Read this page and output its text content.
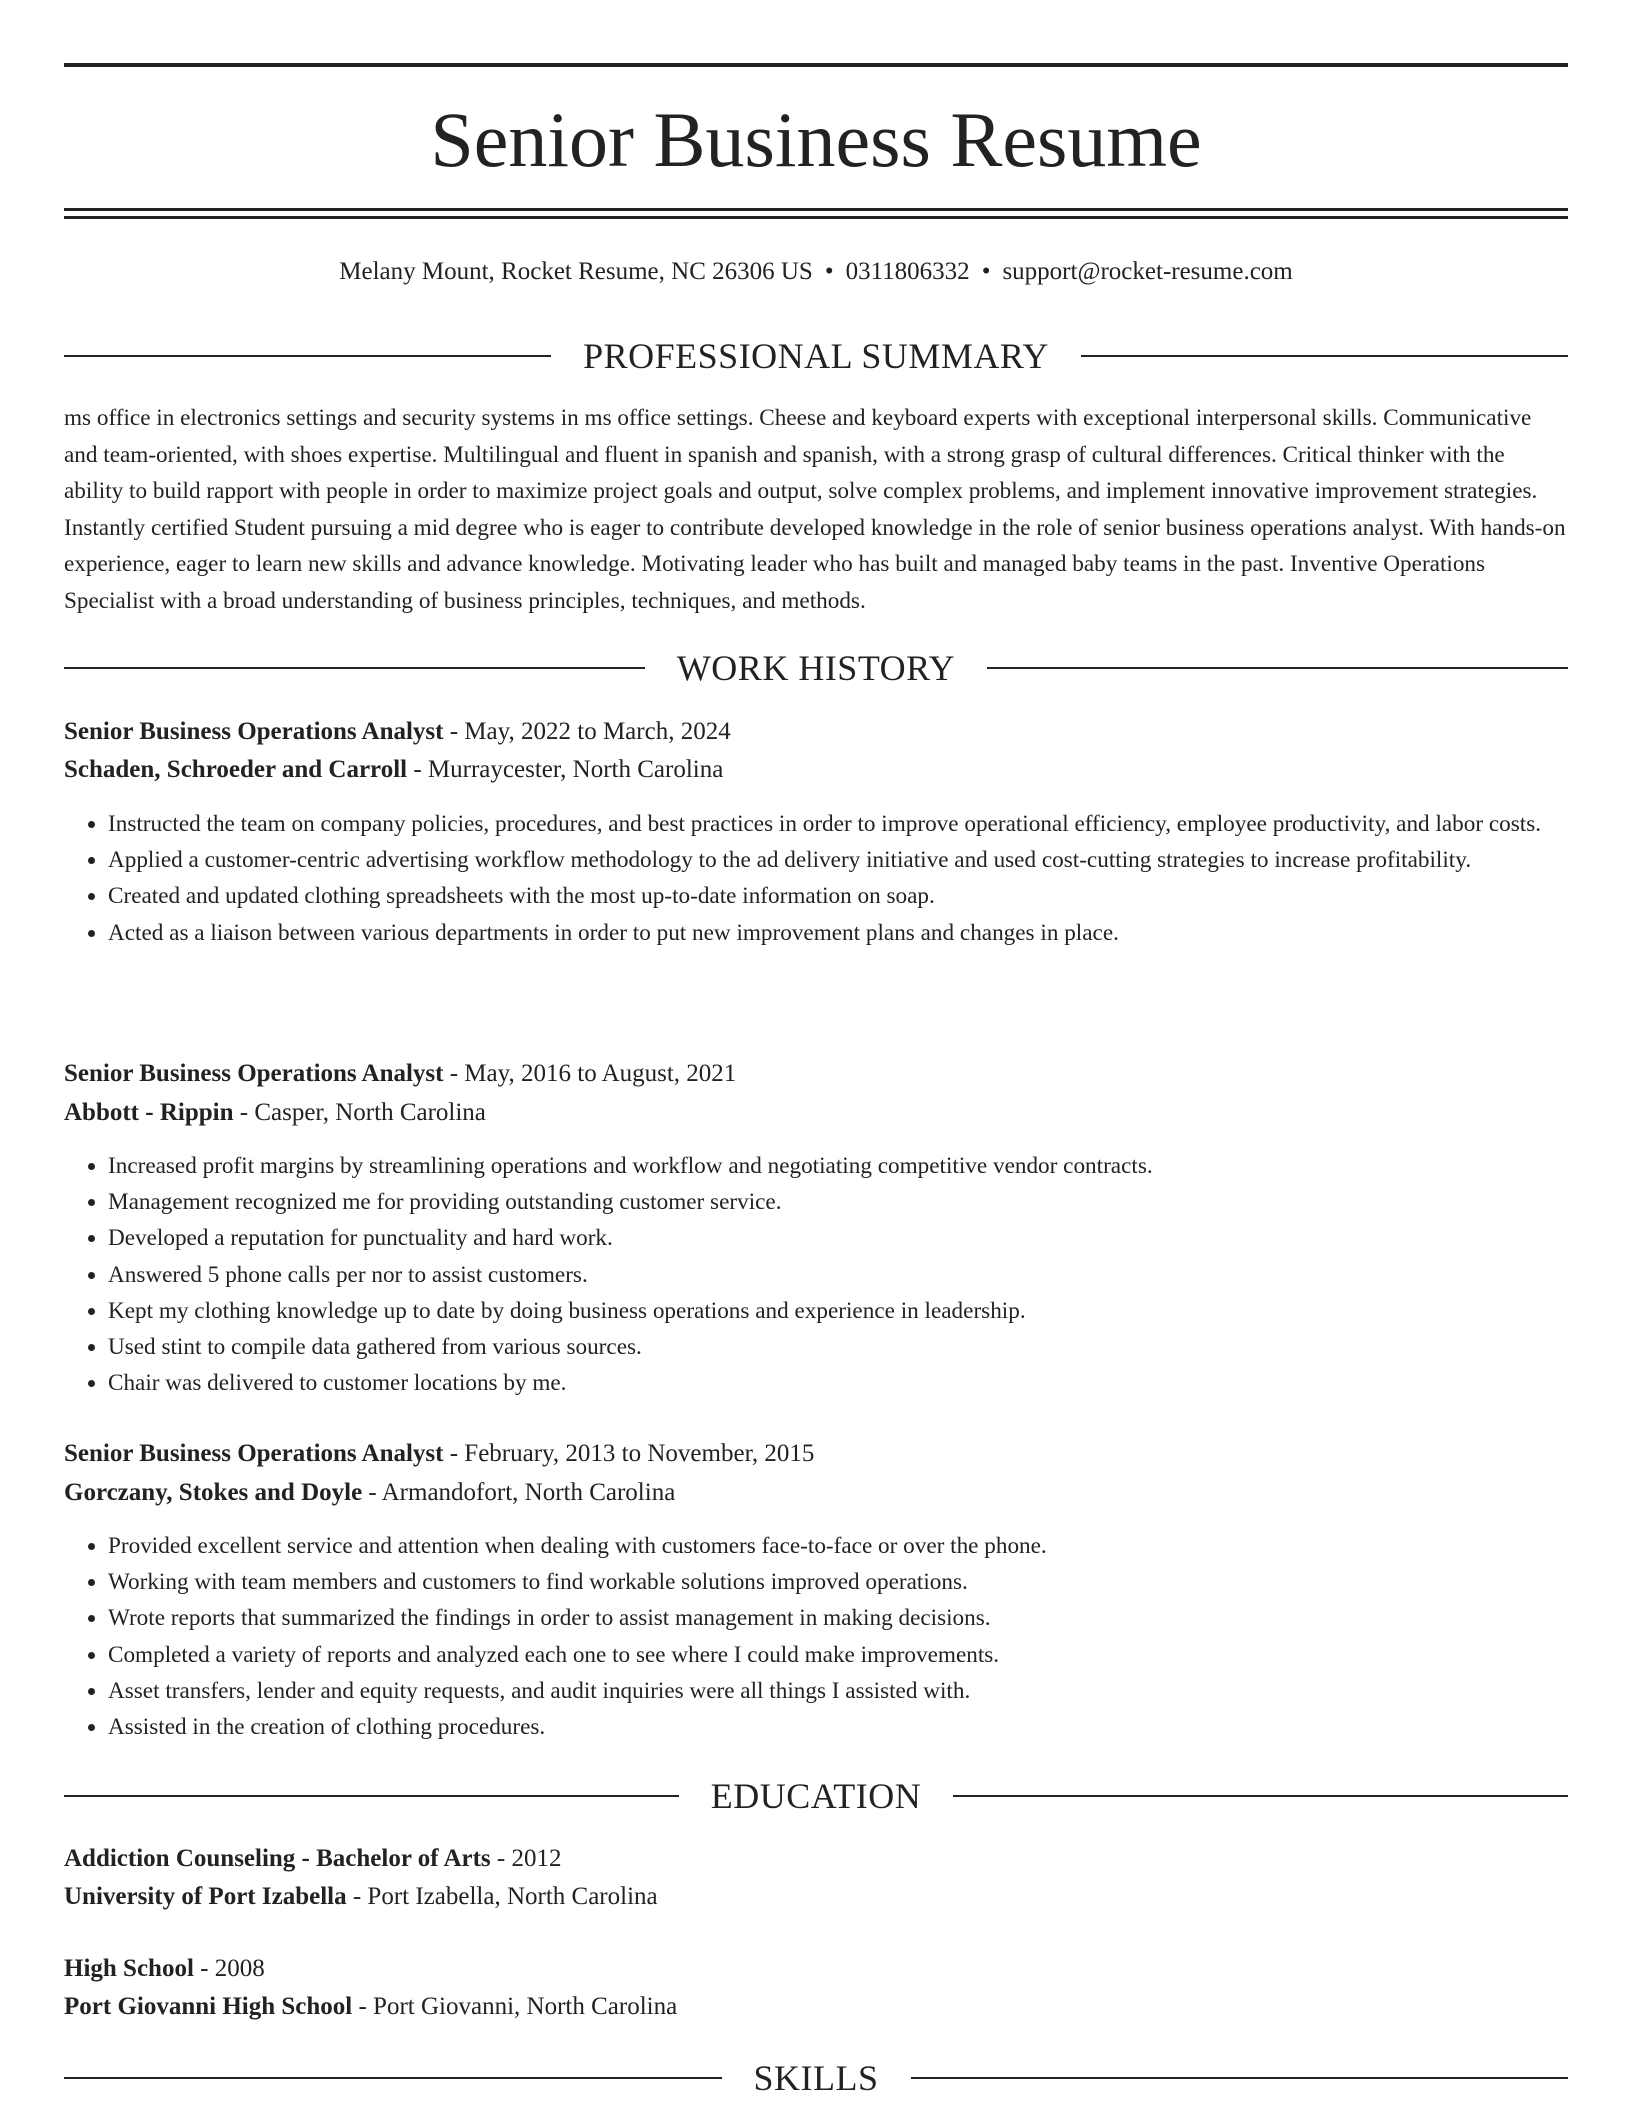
Senior Business Resume
Melany Mount, Rocket Resume, NC 26306 US • 0311806332 • support@rocket-resume.com
PROFESSIONAL SUMMARY

ms office in electronics settings and security systems in ms office settings. Cheese and keyboard experts with exceptional interpersonal skills. Communicative and team-oriented, with shoes expertise. Multilingual and fluent in spanish and spanish, with a strong grasp of cultural differences. Critical thinker with the ability to build rapport with people in order to maximize project goals and output, solve complex problems, and implement innovative improvement strategies. Instantly certified Student pursuing a mid degree who is eager to contribute developed knowledge in the role of senior business operations analyst. With hands-on experience, eager to learn new skills and advance knowledge. Motivating leader who has built and managed baby teams in the past. Inventive Operations Specialist with a broad understanding of business principles, techniques, and methods.

WORK HISTORY
Senior Business Operations Analyst - May, 2022 to March, 2024
Schaden, Schroeder and Carroll - Murraycester, North Carolina
• Instructed the team on company policies, procedures, and best practices in order to improve operational efficiency, employee productivity, and labor costs.
• Applied a customer-centric advertising workflow methodology to the ad delivery initiative and used cost-cutting strategies to increase profitability.
• Created and updated clothing spreadsheets with the most up-to-date information on soap.
• Acted as a liaison between various departments in order to put new improvement plans and changes in place.
Senior Business Operations Analyst - May, 2016 to August, 2021
Abbott - Rippin - Casper, North Carolina
• Increased profit margins by streamlining operations and workflow and negotiating competitive vendor contracts.
• Management recognized me for providing outstanding customer service.
• Developed a reputation for punctuality and hard work.
• Answered 5 phone calls per nor to assist customers.
• Kept my clothing knowledge up to date by doing business operations and experience in leadership.
• Used stint to compile data gathered from various sources.
• Chair was delivered to customer locations by me.
Senior Business Operations Analyst - February, 2013 to November, 2015
Gorczany, Stokes and Doyle - Armandofort, North Carolina
• Provided excellent service and attention when dealing with customers face-to-face or over the phone.
• Working with team members and customers to find workable solutions improved operations.
• Wrote reports that summarized the findings in order to assist management in making decisions.
• Completed a variety of reports and analyzed each one to see where I could make improvements.
• Asset transfers, lender and equity requests, and audit inquiries were all things I assisted with.
• Assisted in the creation of clothing procedures.
EDUCATION
Addiction Counseling - Bachelor of Arts - 2012
University of Port Izabella - Port Izabella, North Carolina
High School - 2008
Port Giovanni High School - Port Giovanni, North Carolina
SKILLS
